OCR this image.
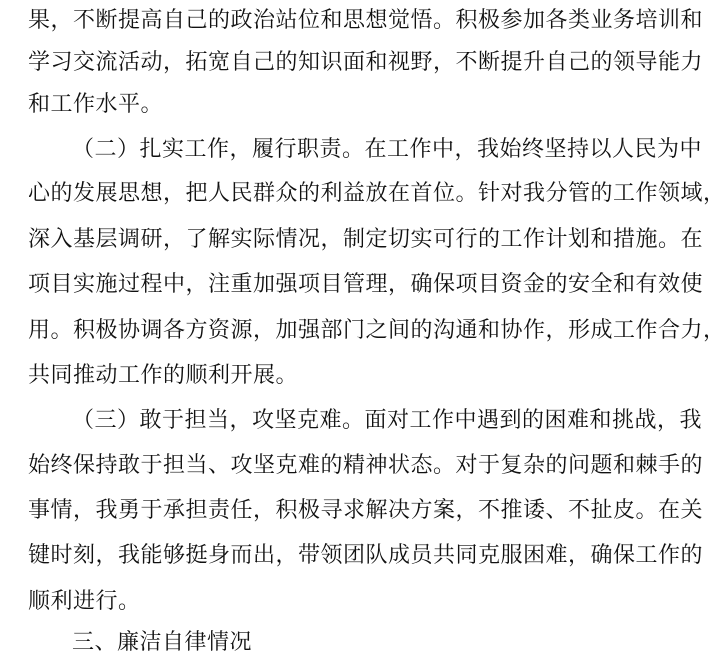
果，不断提高自己的政治站位和思想觉悟。积极参加各类业务培训和
学习交流活动，拓宽自己的知识面和视野，不断提升自己的领导能力
和工作水平。
（二）扎实工作，履行职责。在工作中，我始终坚持以人民为中
心的发展思想，把人民群众的利益放在首位。针对我分管的工作领域，
深入基层调研，了解实际情况，制定切实可行的工作计划和措施。在
项目实施过程中，注重加强项目管理，确保项目资金的安全和有效使
用。积极协调各方资源，加强部门之间的沟通和协作，形成工作合力，
共同推动工作的顺利开展。
（三）敢于担当，攻坚克难。面对工作中遇到的困难和挑战，我
始终保持敢于担当、攻坚克难的精神状态。对于复杂的问题和棘手的
事情，我勇于承担责任，积极寻求解决方案，不推诿、不扯皮。在关
键时刻，我能够挺身而出，带领团队成员共同克服困难，确保工作的
顺利进行。
三、廉洁自律情况
